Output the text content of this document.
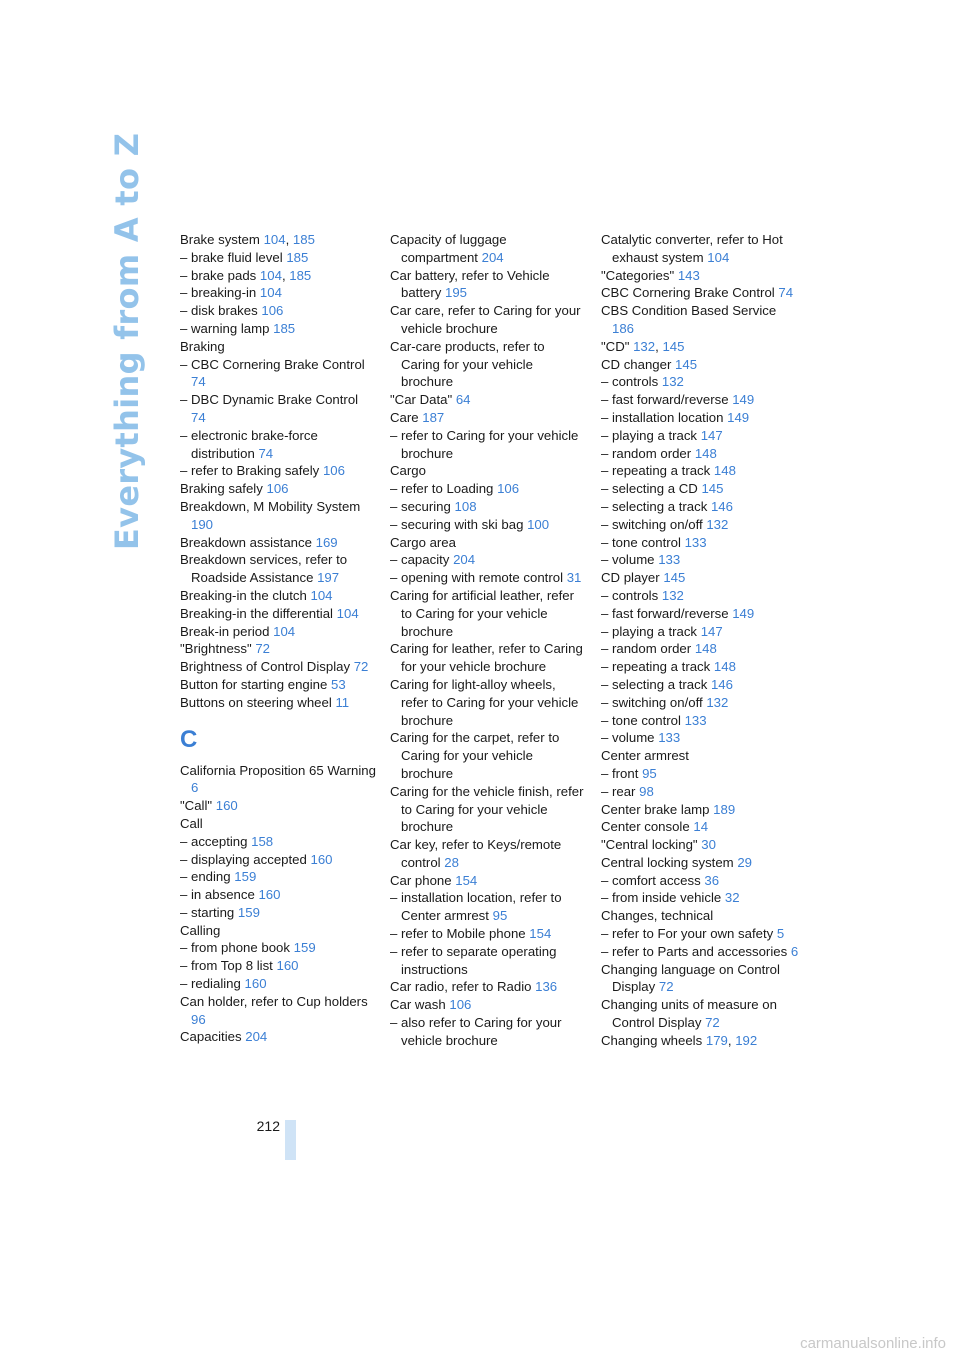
Everything from A to Z	Brake system 104, 185
– brake fluid level 185
– brake pads 104, 185
– breaking-in 104
– disk brakes 106
– warning lamp 185
Braking
– CBC Cornering Brake Control 74
– DBC Dynamic Brake Control 74
– electronic brake-force distribution 74
– refer to Braking safely 106
Braking safely 106
Breakdown, M Mobility System 190
Breakdown assistance 169
Breakdown services, refer to Roadside Assistance 197
Breaking-in the clutch 104
Breaking-in the differential 104
Break-in period 104
"Brightness" 72
Brightness of Control Display 72
Button for starting engine 53
Buttons on steering wheel 11
C
California Proposition 65 Warning 6
"Call" 160
Call
– accepting 158
– displaying accepted 160
– ending 159
– in absence 160
– starting 159
Calling
– from phone book 159
– from Top 8 list 160
– redialing 160
Can holder, refer to Cup holders 96
Capacities 204
Capacity of luggage compartment 204
Car battery, refer to Vehicle battery 195
Car care, refer to Caring for your vehicle brochure
Car-care products, refer to Caring for your vehicle brochure
"Car Data" 64
Care 187
– refer to Caring for your vehicle brochure
Cargo
– refer to Loading 106
– securing 108
– securing with ski bag 100
Cargo area
– capacity 204
– opening with remote control 31
Caring for artificial leather, refer to Caring for your vehicle brochure
Caring for leather, refer to Caring for your vehicle brochure
Caring for light-alloy wheels, refer to Caring for your vehicle brochure
Caring for the carpet, refer to Caring for your vehicle brochure
Caring for the vehicle finish, refer to Caring for your vehicle brochure
Car key, refer to Keys/remote control 28
Car phone 154
– installation location, refer to Center armrest 95
– refer to Mobile phone 154
– refer to separate operating instructions
Car radio, refer to Radio 136
Car wash 106
– also refer to Caring for your vehicle brochure
Catalytic converter, refer to Hot exhaust system 104
"Categories" 143
CBC Cornering Brake Control 74
CBS Condition Based Service 186
"CD" 132, 145
CD changer 145
– controls 132
– fast forward/reverse 149
– installation location 149
– playing a track 147
– random order 148
– repeating a track 148
– selecting a CD 145
– selecting a track 146
– switching on/off 132
– tone control 133
– volume 133
CD player 145
– controls 132
– fast forward/reverse 149
– playing a track 147
– random order 148
– repeating a track 148
– selecting a track 146
– switching on/off 132
– tone control 133
– volume 133
Center armrest
– front 95
– rear 98
Center brake lamp 189
Center console 14
"Central locking" 30
Central locking system 29
– comfort access 36
– from inside vehicle 32
Changes, technical
– refer to For your own safety 5
– refer to Parts and accessories 6
Changing language on Control Display 72
Changing units of measure on Control Display 72
Changing wheels 179, 192
212
carmanualsonline.info
